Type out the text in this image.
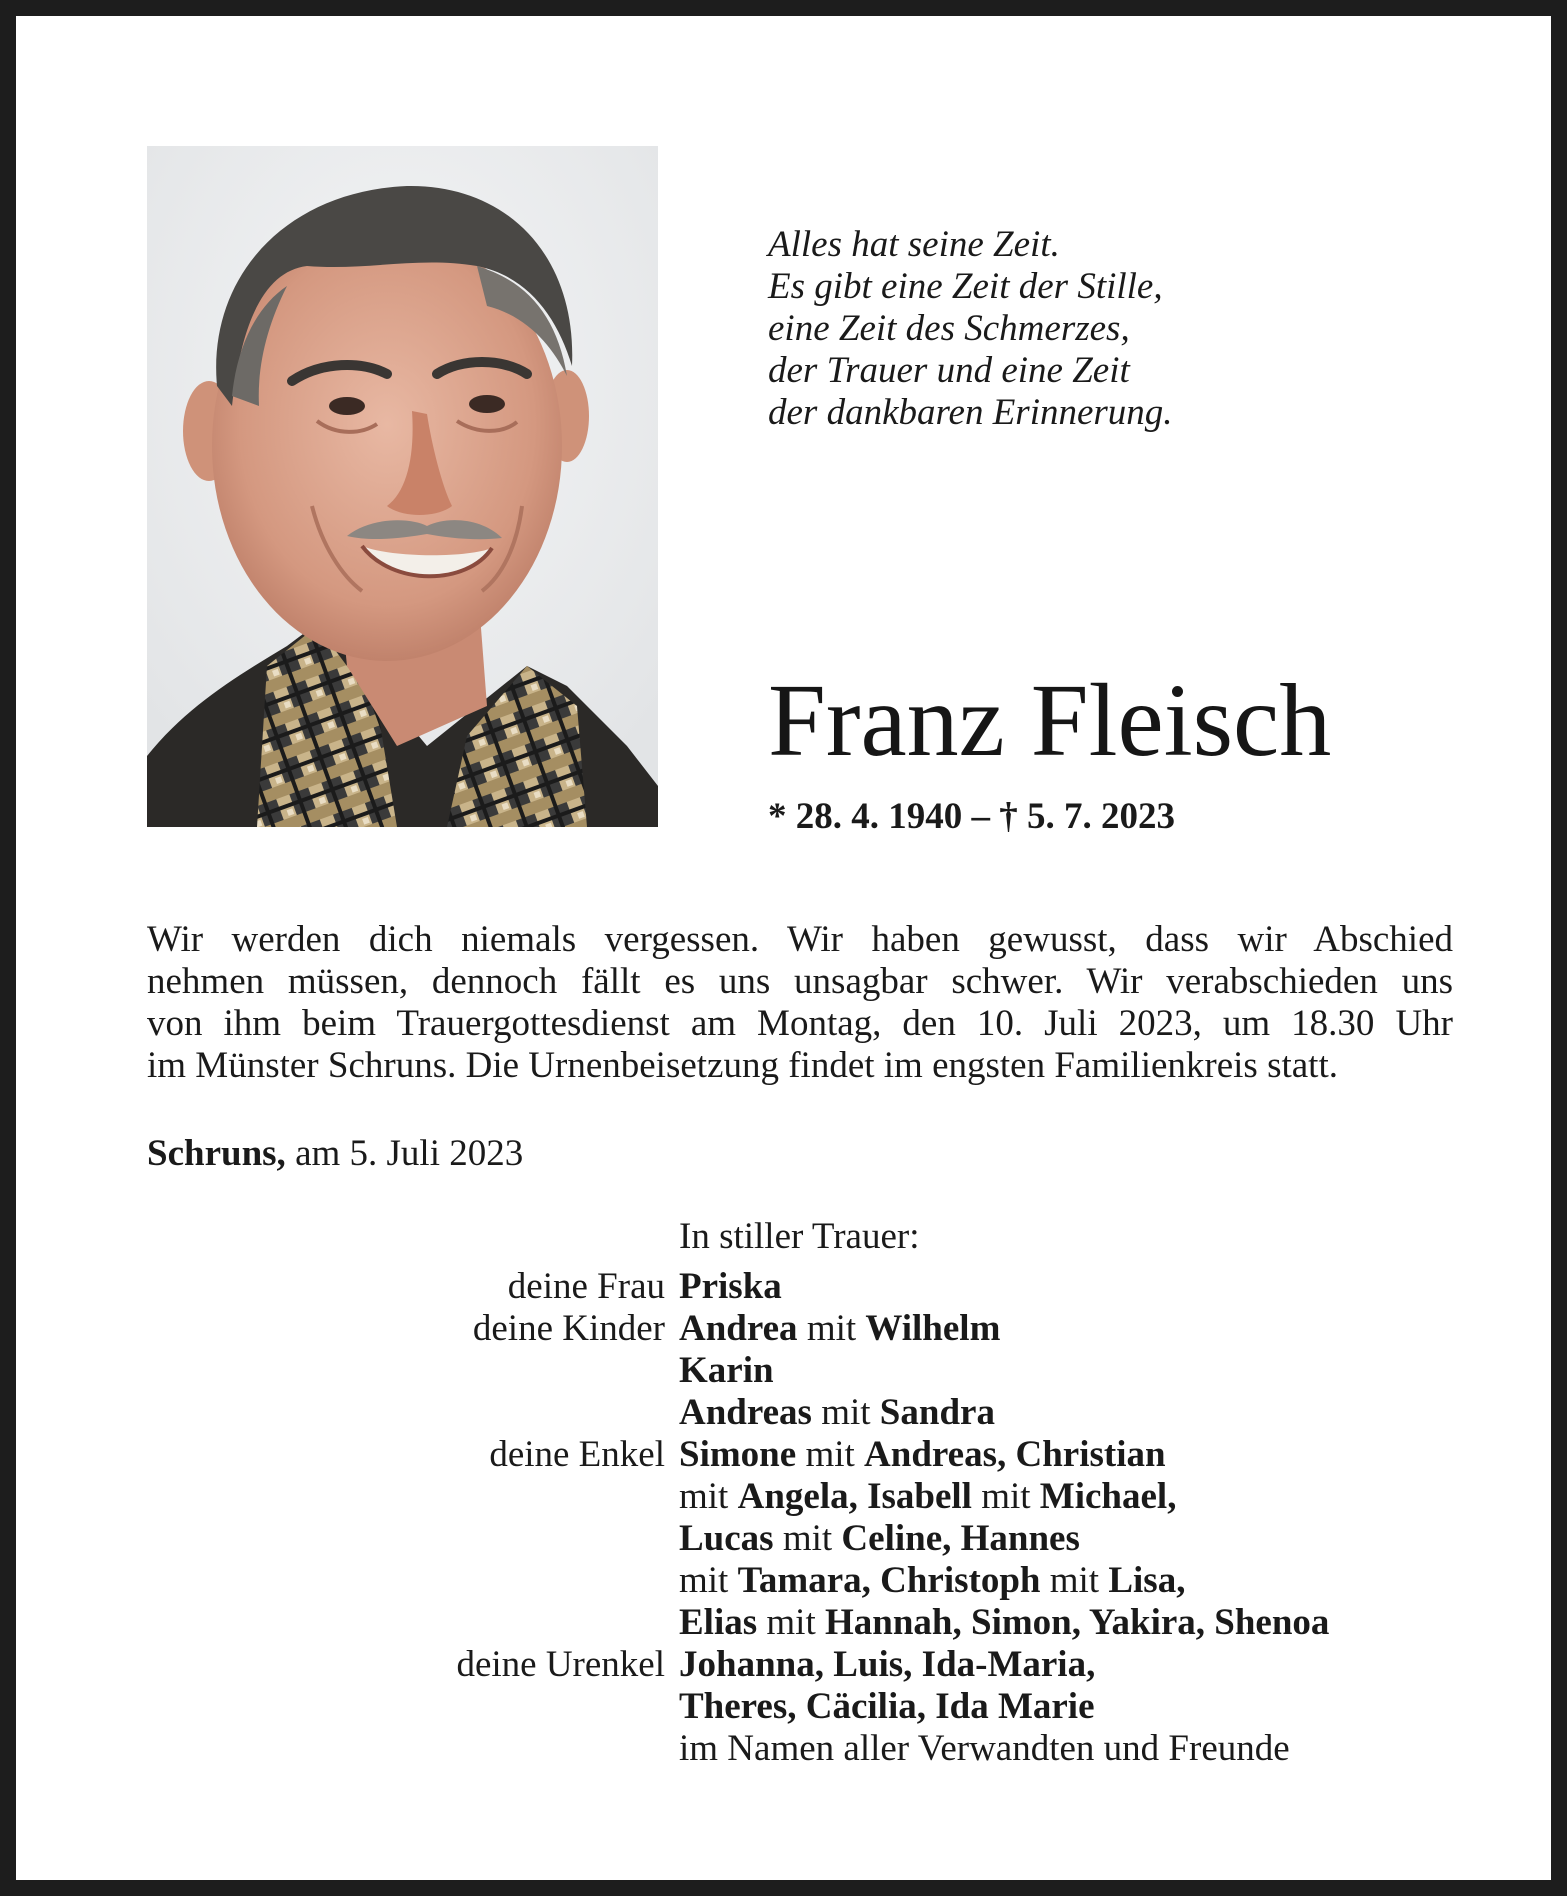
Alles hat seine Zeit.
Es gibt eine Zeit der Stille,
eine Zeit des Schmerzes,
der Trauer und eine Zeit
der dankbaren Erinnerung.
Franz Fleisch
* 28. 4. 1940 – † 5. 7. 2023
Wir werden dich niemals vergessen. Wir haben gewusst, dass wir Abschied
nehmen müssen, dennoch fällt es uns unsagbar schwer. Wir verabschieden uns
von ihm beim Trauergottesdienst am Montag, den 10. Juli 2023, um 18.30 Uhr
im Münster Schruns. Die Urnenbeisetzung findet im engsten Familienkreis statt.
Schruns, am 5. Juli 2023
In stiller Trauer:
deine Frau Priska
deine Kinder Andrea mit Wilhelm
Karin
Andreas mit Sandra
deine Enkel Simone mit Andreas, Christian
mit Angela, Isabell mit Michael,
Lucas mit Celine, Hannes
mit Tamara, Christoph mit Lisa,
Elias mit Hannah, Simon, Yakira, Shenoa
deine Urenkel Johanna, Luis, Ida-Maria,
Theres, Cäcilia, Ida Marie
im Namen aller Verwandten und Freunde
